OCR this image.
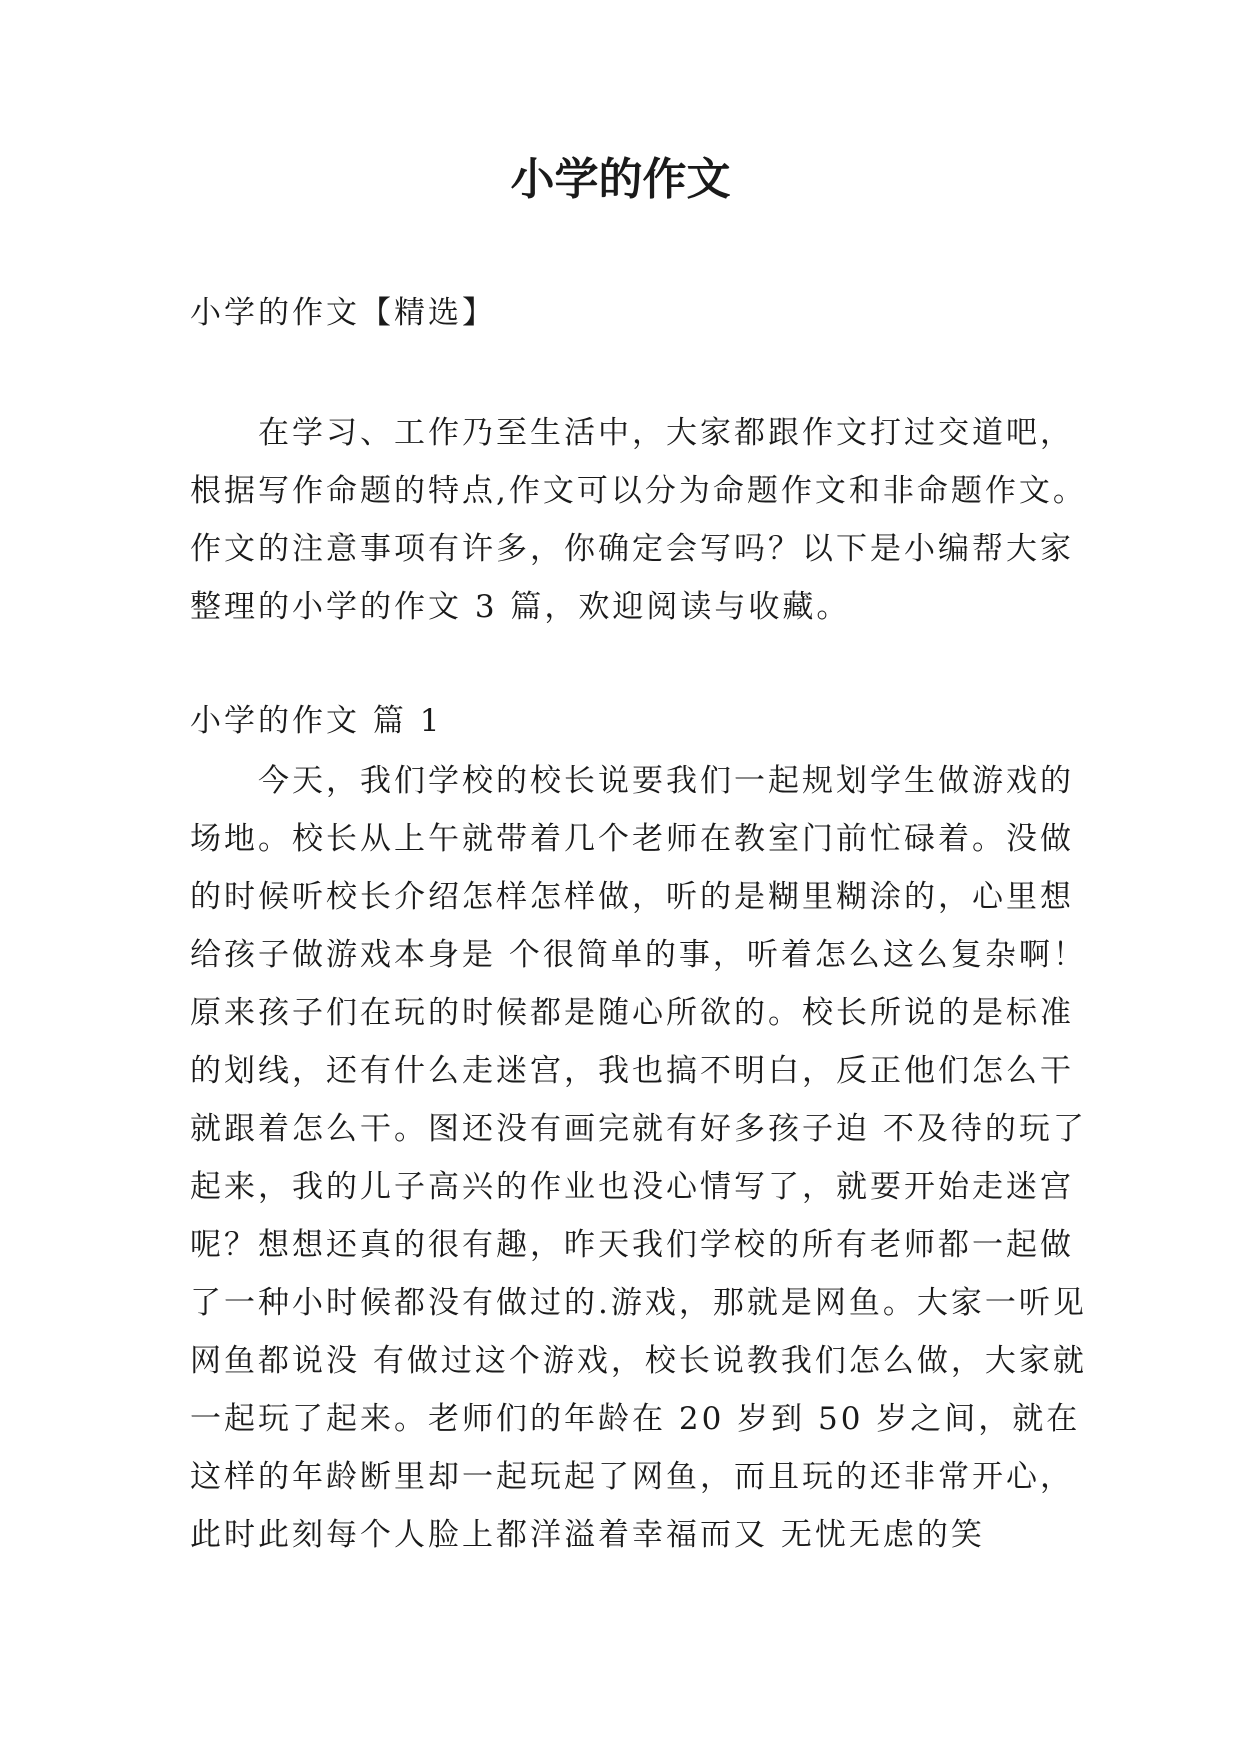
小学的作文

小学的作文【精选】

在学习、工作乃至生活中，大家都跟作文打过交道吧，根据写作命题的特点,作文可以分为命题作文和非命题作文。作文的注意事项有许多，你确定会写吗？以下是小编帮大家整理的小学的作文 3 篇，欢迎阅读与收藏。

小学的作文 篇 1

今天，我们学校的校长说要我们一起规划学生做游戏的场地。校长从上午就带着几个老师在教室门前忙碌着。没做的时候听校长介绍怎样怎样做，听的是糊里糊涂的，心里想给孩子做游戏本身是 个很简单的事，听着怎么这么复杂啊！原来孩子们在玩的时候都是随心所欲的。校长所说的是标准的划线，还有什么走迷宫，我也搞不明白，反正他们怎么干就跟着怎么干。图还没有画完就有好多孩子迫 不及待的玩了起来，我的儿子高兴的作业也没心情写了，就要开始走迷宫呢？想想还真的很有趣，昨天我们学校的所有老师都一起做了一种小时候都没有做过的.游戏，那就是网鱼。大家一听见网鱼都说没 有做过这个游戏，校长说教我们怎么做，大家就一起玩了起来。老师们的年龄在 20 岁到 50 岁之间，就在这样的年龄断里却一起玩起了网鱼，而且玩的还非常开心，此时此刻每个人脸上都洋溢着幸福而又 无忧无虑的笑
